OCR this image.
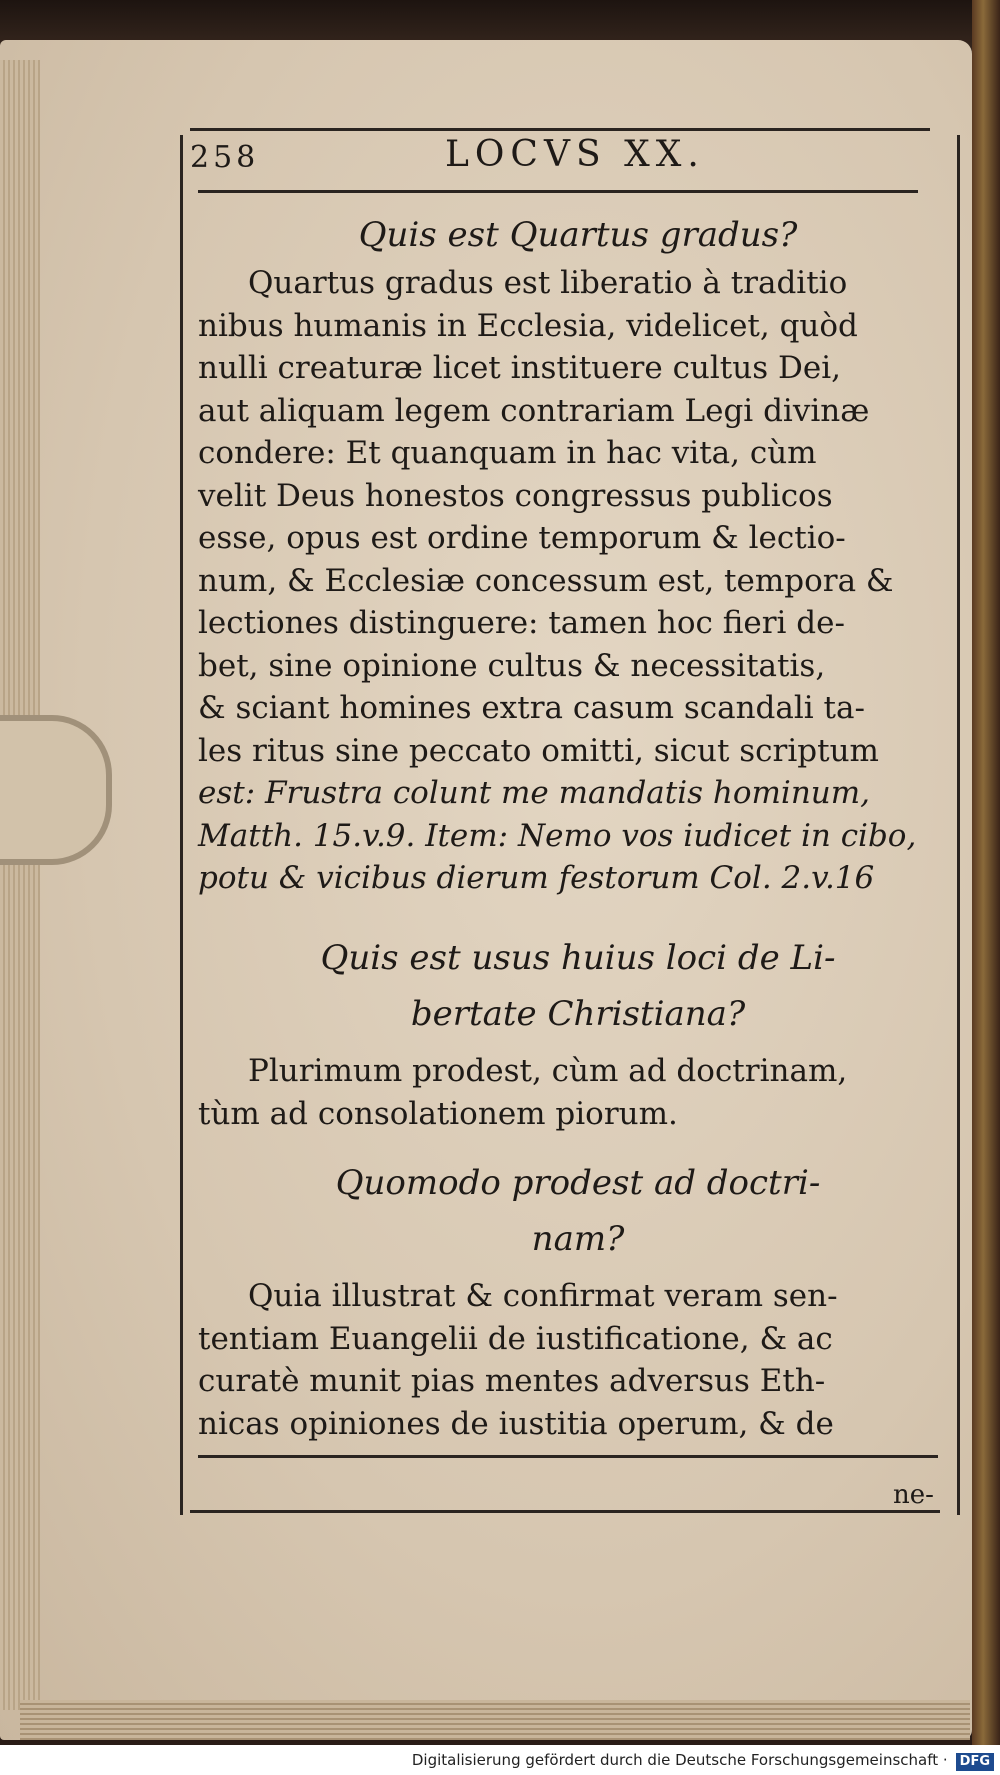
258	LOCVS XX.
Quis est Quartus gradus?
Quartus gradus est liberatio à traditio
nibus humanis in Ecclesia, videlicet, quòd
nulli creaturæ licet instituere cultus Dei,
aut aliquam legem contrariam Legi divinæ
condere: Et quanquam in hac vita, cùm
velit Deus honestos congressus publicos
esse, opus est ordine temporum & lectio-
num, & Ecclesiæ concessum est, tempora &
lectiones distinguere: tamen hoc fieri de-
bet, sine opinione cultus & necessitatis,
& sciant homines extra casum scandali ta-
les ritus sine peccato omitti, sicut scriptum
est: Frustra colunt me mandatis hominum,
Matth. 15.v.9. Item: Nemo vos iudicet in cibo,
potu & vicibus dierum festorum Col. 2.v.16
Quis est usus huius loci de Li-
bertate Christiana?
Plurimum prodest, cùm ad doctrinam,
tùm ad consolationem piorum.
Quomodo prodest ad doctri-
nam?
Quia illustrat & confirmat veram sen-
tentiam Euangelii de iustificatione, & ac
curatè munit pias mentes adversus Eth-
nicas opiniones de iustitia operum, & de
ne-
Digitalisierung gefördert durch die Deutsche Forschungsgemeinschaft · DFG
